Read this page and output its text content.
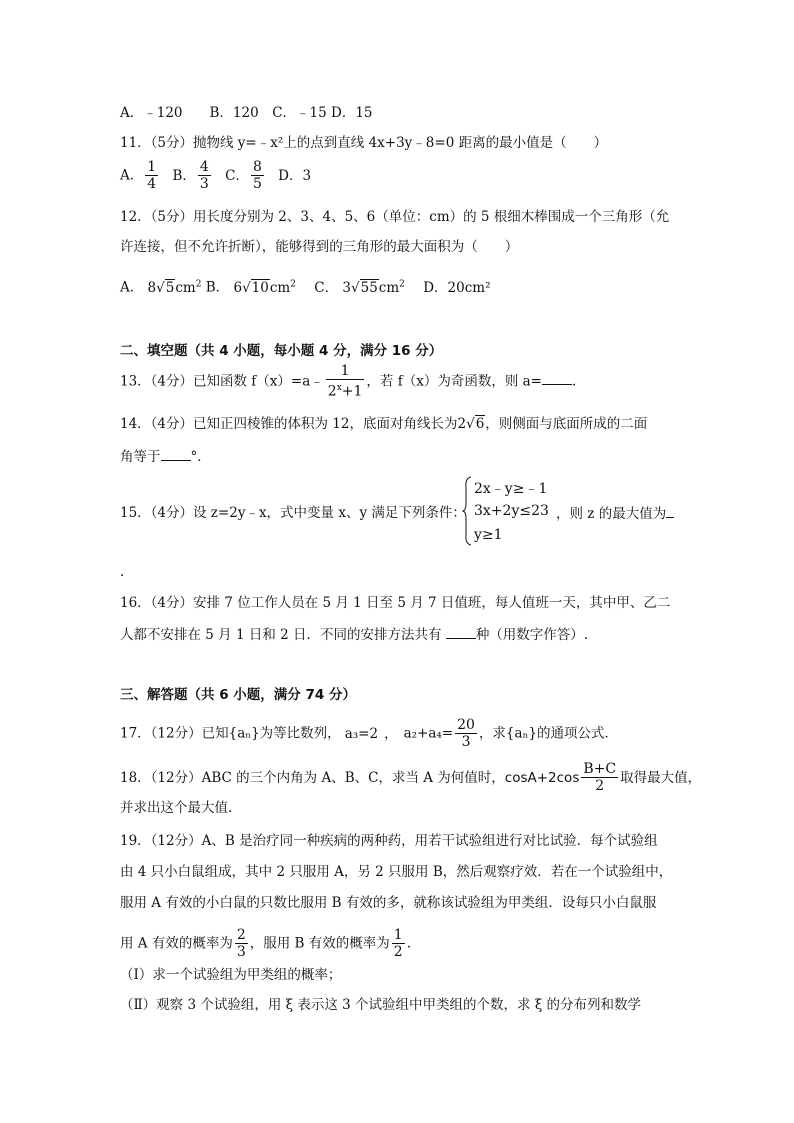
A．﹣120　　B．120　C．﹣15 D．15
11．（5分）抛物线 y=﹣x²上的点到直线 4x+3y﹣8=0 距离的最小值是（　　）
A． $\frac{1}{4}$ B． $\frac{4}{3}$ C． $\frac{8}{5}$ D．3
12．（5分）用长度分别为 2、3、4、5、6（单位：cm）的 5 根细木棒围成一个三角形（允
许连接，但不允许折断），能够得到的三角形的最大面积为（　　）
A． $8√5cm^2$ B． $6√10cm^2$ C． $3√55cm^2$ D．20cm²
二、填空题（共 4 小题，每小题 4 分，满分 16 分）
13．（4分）已知函数 f（x）=a﹣ $\frac{1}{2^x+1}$ ，若 f（x）为奇函数，则 a= .
14．（4分）已知正四棱锥的体积为 12，底面对角线长为2√6，则侧面与底面所成的二面
角等于 °．
15．（4分）设 z=2y﹣x，式中变量 x、y 满足下列条件：
2x﹣y≥﹣1
3x+2y≤23
y≥1
，则 z 的最大值为
.
16．（4分）安排 7 位工作人员在 5 月 1 日至 5 月 7 日值班，每人值班一天，其中甲、乙二
人都不安排在 5 月 1 日和 2 日．不同的安排方法共有	种（用数字作答）.
三、解答题（共 6 小题，满分 74 分）
17．（12分）已知{aₙ}为等比数列， a₃=2 ， $a_2+a_4= \frac{20}{3}$ ，求{aₙ}的通项公式．
18．（12分）ABC 的三个内角为 A、B、C，求当 A 为何值时，$\cos A+2\cos \frac{B+C}{2}$ 取得最大值，
并求出这个最大值．
19．（12分）A、B 是治疗同一种疾病的两种药，用若干试验组进行对比试验．每个试验组
由 4 只小白鼠组成，其中 2 只服用 A，另 2 只服用 B，然后观察疗效．若在一个试验组中，
服用 A 有效的小白鼠的只数比服用 B 有效的多，就称该试验组为甲类组．设每只小白鼠服
用 A 有效的概率为 $\frac{2}{3}$ ，服用 B 有效的概率为 $\frac{1}{2}$ .
（Ⅰ）求一个试验组为甲类组的概率；
（Ⅱ）观察 3 个试验组，用 ξ 表示这 3 个试验组中甲类组的个数，求 ξ 的分布列和数学
